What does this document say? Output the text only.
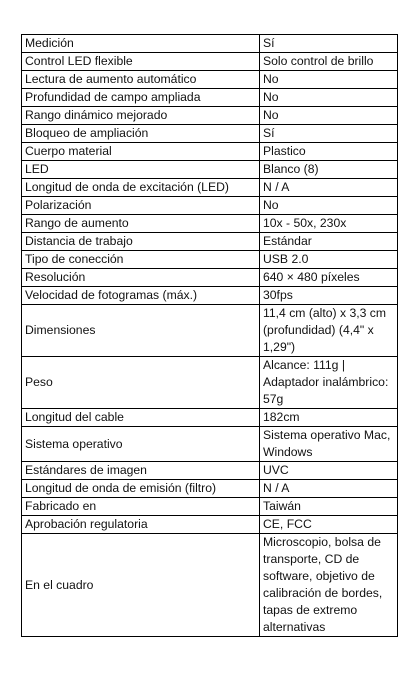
Medición	Sí
Control LED flexible	Solo control de brillo
Lectura de aumento automático	No
Profundidad de campo ampliada	No
Rango dinámico mejorado	No
Bloqueo de ampliación	Sí
Cuerpo material	Plastico
LED	Blanco (8)
Longitud de onda de excitación (LED)	N / A
Polarización	No
Rango de aumento	10x - 50x, 230x
Distancia de trabajo	Estándar
Tipo de conección	USB 2.0
Resolución	640 × 480 píxeles
Velocidad de fotogramas (máx.)	30fps
Dimensiones	11,4 cm (alto) x 3,3 cm (profundidad) (4,4" x 1,29")
Peso	Alcance: 111g | Adaptador inalámbrico: 57g
Longitud del cable	182cm
Sistema operativo	Sistema operativo Mac, Windows
Estándares de imagen	UVC
Longitud de onda de emisión (filtro)	N / A
Fabricado en	Taiwán
Aprobación regulatoria	CE, FCC
En el cuadro	Microscopio, bolsa de transporte, CD de software, objetivo de calibración de bordes, tapas de extremo alternativas
